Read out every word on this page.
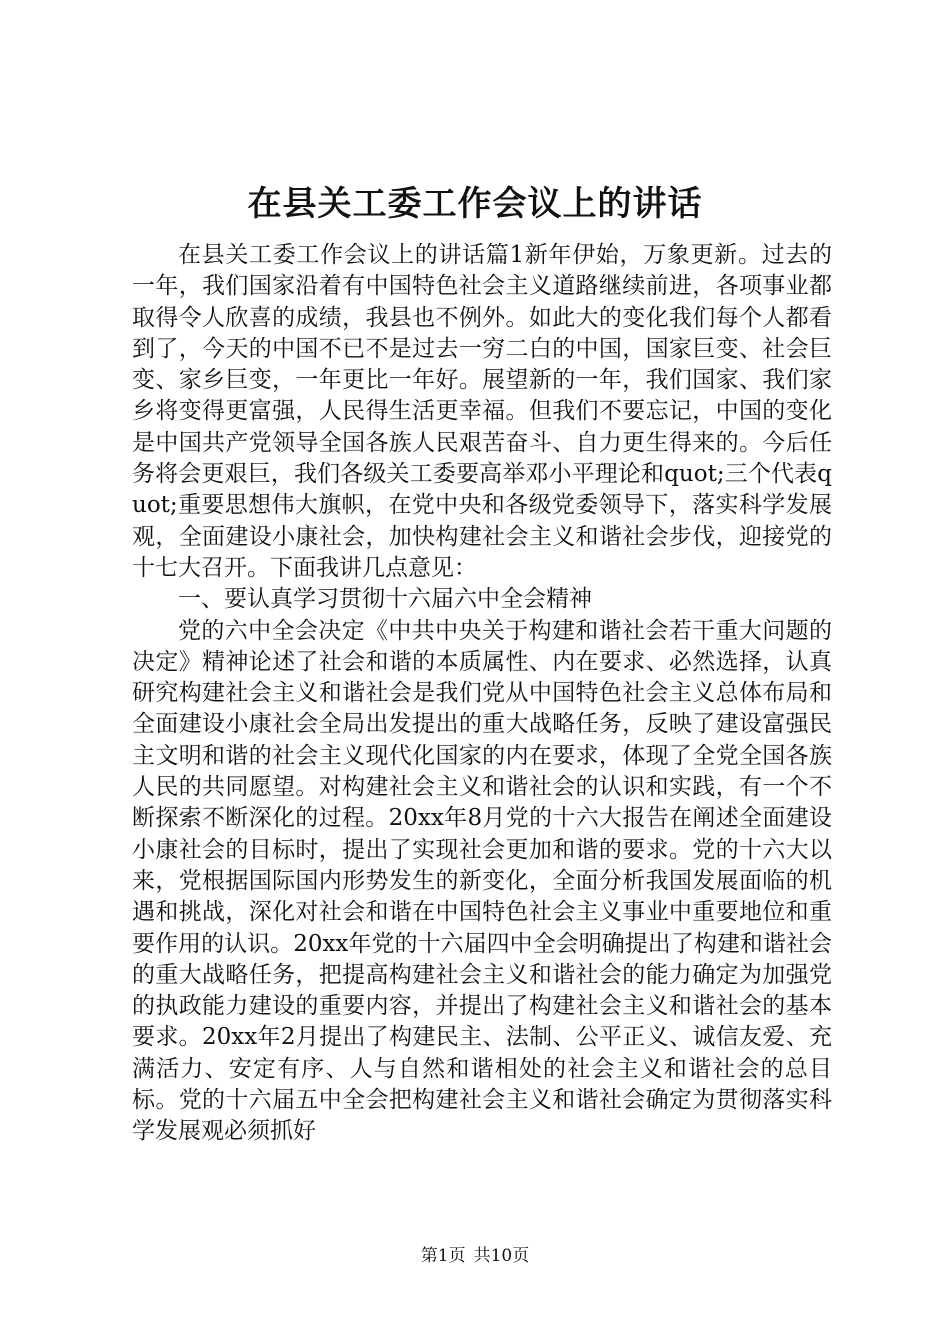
在县关工委工作会议上的讲话

在县关工委工作会议上的讲话篇1新年伊始，万象更新。过去的一年，我们国家沿着有中国特色社会主义道路继续前进，各项事业都取得令人欣喜的成绩，我县也不例外。如此大的变化我们每个人都看到了，今天的中国不已不是过去一穷二白的中国，国家巨变、社会巨变、家乡巨变，一年更比一年好。展望新的一年，我们国家、我们家乡将变得更富强，人民得生活更幸福。但我们不要忘记，中国的变化是中国共产党领导全国各族人民艰苦奋斗、自力更生得来的。今后任务将会更艰巨，我们各级关工委要高举邓小平理论和quot;三个代表quot;重要思想伟大旗帜，在党中央和各级党委领导下，落实科学发展观，全面建设小康社会，加快构建社会主义和谐社会步伐，迎接党的十七大召开。下面我讲几点意见：

一、要认真学习贯彻十六届六中全会精神

党的六中全会决定《中共中央关于构建和谐社会若干重大问题的决定》精神论述了社会和谐的本质属性、内在要求、必然选择，认真研究构建社会主义和谐社会是我们党从中国特色社会主义总体布局和全面建设小康社会全局出发提出的重大战略任务，反映了建设富强民主文明和谐的社会主义现代化国家的内在要求，体现了全党全国各族人民的共同愿望。对构建社会主义和谐社会的认识和实践，有一个不断探索不断深化的过程。20xx年8月党的十六大报告在阐述全面建设小康社会的目标时，提出了实现社会更加和谐的要求。党的十六大以来，党根据国际国内形势发生的新变化，全面分析我国发展面临的机遇和挑战，深化对社会和谐在中国特色社会主义事业中重要地位和重要作用的认识。20xx年党的十六届四中全会明确提出了构建和谐社会的重大战略任务，把提高构建社会主义和谐社会的能力确定为加强党的执政能力建设的重要内容，并提出了构建社会主义和谐社会的基本要求。20xx年2月提出了构建民主、法制、公平正义、诚信友爱、充满活力、安定有序、人与自然和谐相处的社会主义和谐社会的总目标。党的十六届五中全会把构建社会主义和谐社会确定为贯彻落实科学发展观必须抓好

第1页 共10页
